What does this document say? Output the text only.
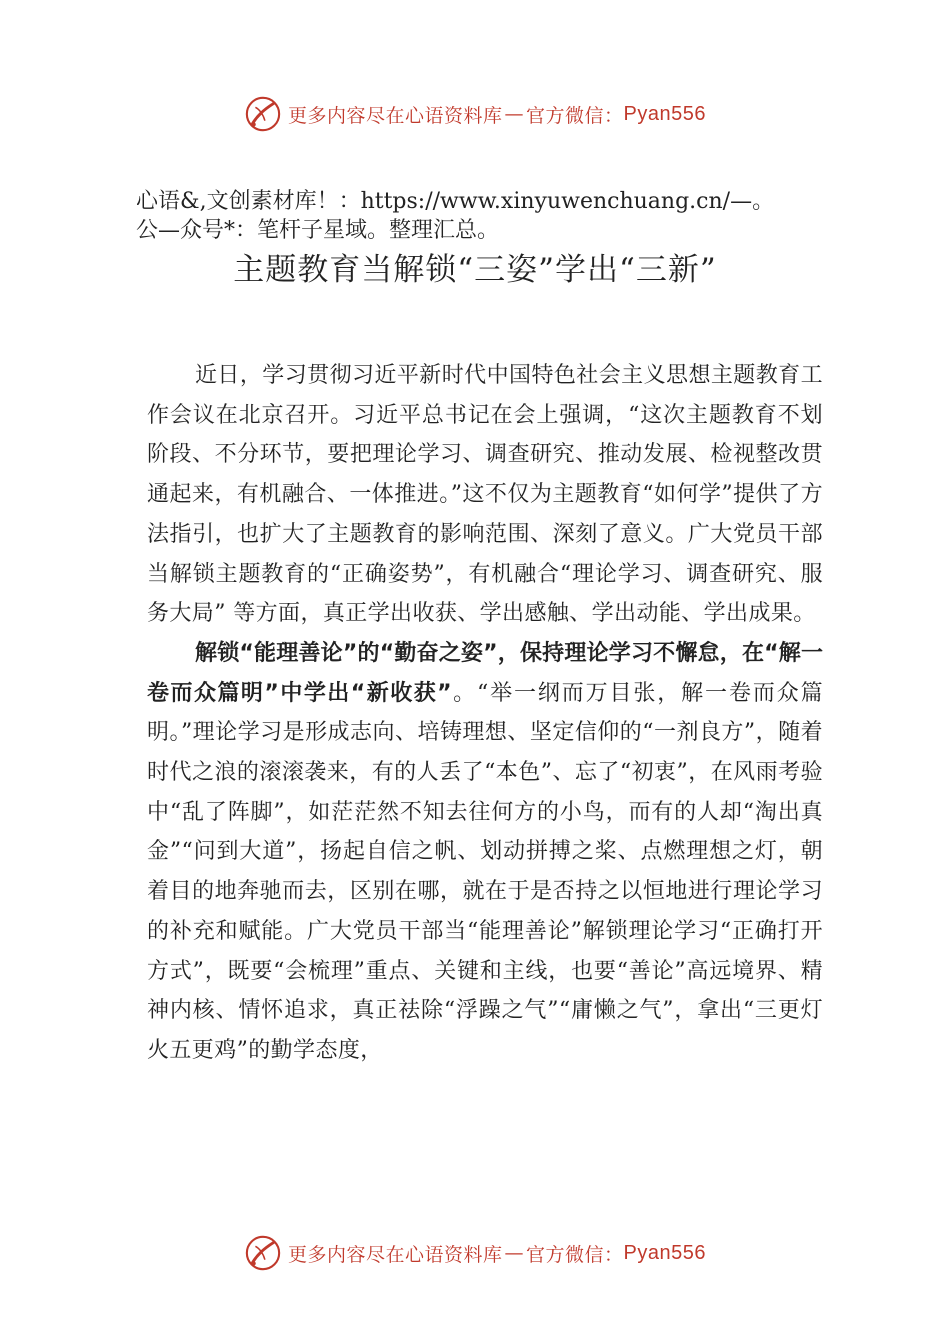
更多内容尽在心语资料库 — 官方微信： Pyan556
心语&,文创素材库！：https://www.xinyuwenchuang.cn/—。
公—众号*：笔杆子星域。整理汇总。
主题教育当解锁“三姿”学出“三新”

近日，学习贯彻习近平新时代中国特色社会主义思想主题教育工作会议在北京召开。习近平总书记在会上强调，“这次主题教育不划阶段、不分环节，要把理论学习、调查研究、推动发展、检视整改贯通起来，有机融合、一体推进。”这不仅为主题教育“如何学”提供了方法指引，也扩大了主题教育的影响范围、深刻了意义。广大党员干部当解锁主题教育的“正确姿势”，有机融合“理论学习、调查研究、服务大局” 等方面，真正学出收获、学出感触、学出动能、学出成果。

解锁“能理善论”的“勤奋之姿”，保持理论学习不懈怠，在“解一卷而众篇明”中学出“新收获”。“举一纲而万目张，解一卷而众篇明。”理论学习是形成志向、培铸理想、坚定信仰的“一剂良方”，随着时代之浪的滚滚袭来，有的人丢了“本色”、忘了“初衷”，在风雨考验中“乱了阵脚”，如茫茫然不知去往何方的小鸟，而有的人却“淘出真金”“问到大道”，扬起自信之帆、划动拼搏之桨、点燃理想之灯，朝着目的地奔驰而去，区别在哪，就在于是否持之以恒地进行理论学习的补充和赋能。广大党员干部当“能理善论”解锁理论学习“正确打开方式”，既要“会梳理”重点、关键和主线，也要“善论”高远境界、精神内核、情怀追求，真正祛除“浮躁之气”“庸懒之气”，拿出“三更灯火五更鸡”的勤学态度，

更多内容尽在心语资料库 — 官方微信： Pyan556
